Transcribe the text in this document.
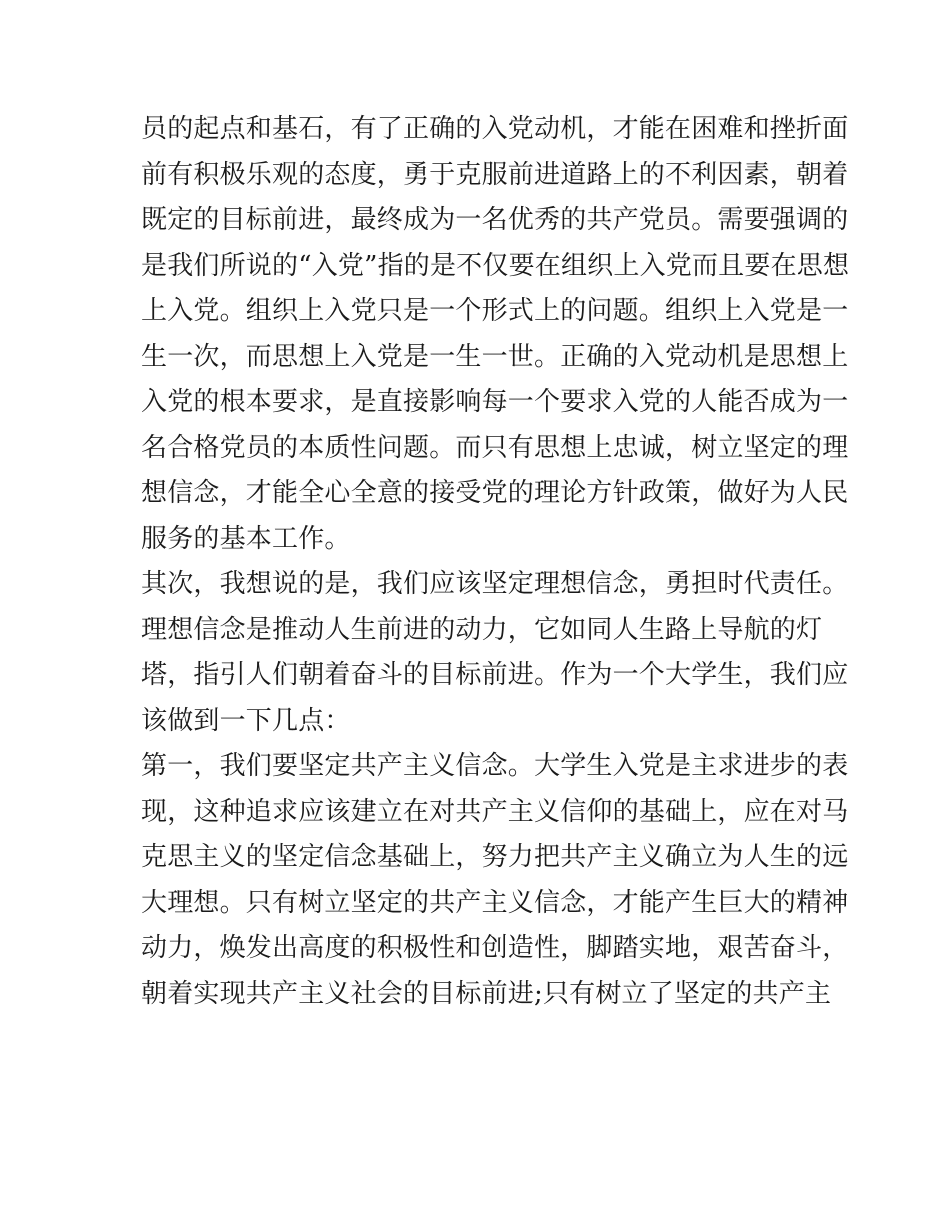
员的起点和基石，有了正确的入党动机，才能在困难和挫折面
前有积极乐观的态度，勇于克服前进道路上的不利因素，朝着
既定的目标前进，最终成为一名优秀的共产党员。需要强调的
是我们所说的“入党”指的是不仅要在组织上入党而且要在思想
上入党。组织上入党只是一个形式上的问题。组织上入党是一
生一次，而思想上入党是一生一世。正确的入党动机是思想上
入党的根本要求，是直接影响每一个要求入党的人能否成为一
名合格党员的本质性问题。而只有思想上忠诚，树立坚定的理
想信念，才能全心全意的接受党的理论方针政策，做好为人民
服务的基本工作。
其次，我想说的是，我们应该坚定理想信念，勇担时代责任。
理想信念是推动人生前进的动力，它如同人生路上导航的灯
塔，指引人们朝着奋斗的目标前进。作为一个大学生，我们应
该做到一下几点：
第一，我们要坚定共产主义信念。大学生入党是主求进步的表
现，这种追求应该建立在对共产主义信仰的基础上，应在对马
克思主义的坚定信念基础上，努力把共产主义确立为人生的远
大理想。只有树立坚定的共产主义信念，才能产生巨大的精神
动力，焕发出高度的积极性和创造性，脚踏实地，艰苦奋斗，
朝着实现共产主义社会的目标前进;只有树立了坚定的共产主
